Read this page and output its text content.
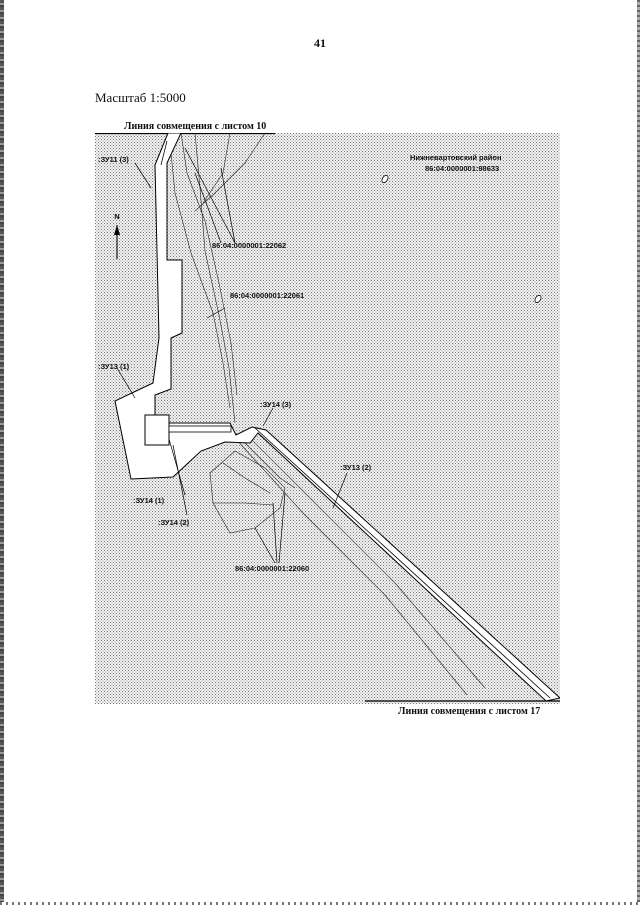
41
Масштаб 1:5000
Линия совмещения с листом 10
N
Нижневартовский район
86:04:0000001:98633
:ЗУ11 (3)
86:04:0000001:22062
86:04:0000001:22061
:ЗУ13 (1)
:ЗУ14 (3)
:ЗУ13 (2)
:ЗУ14 (1)
:ЗУ14 (2)
86:04:0000001:22060
Линия совмещения с листом 17
